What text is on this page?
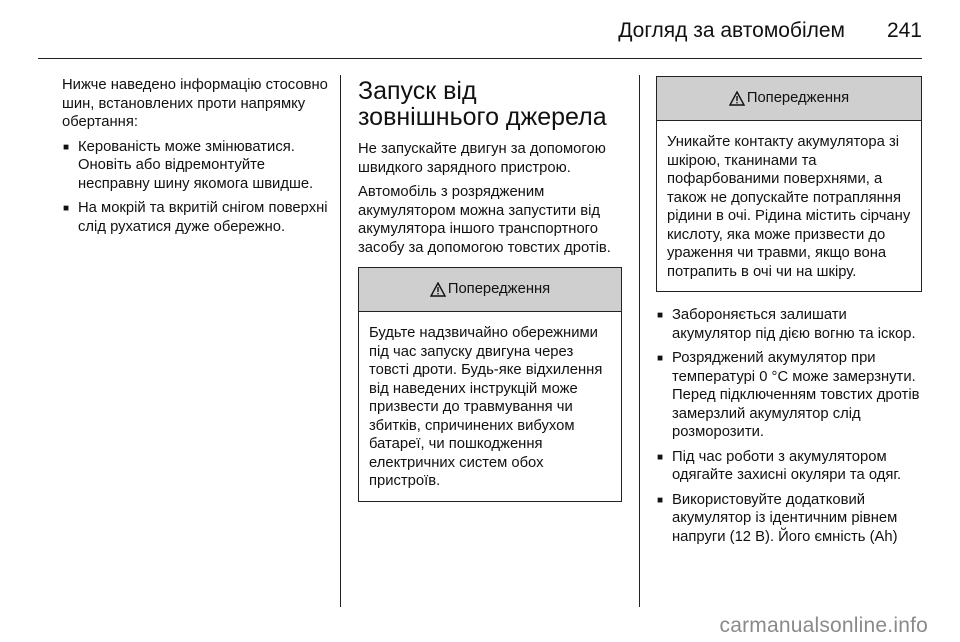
Догляд за автомобілем	241

Нижче наведено інформацію стосовно шин, встановлених проти напрямку обертання:

■ Керованість може змінюватися. Оновіть або відремонтуйте несправну шину якомога швидше.
■ На мокрій та вкритій снігом поверхні слід рухатися дуже обережно.
Запуск від
зовнішнього джерела

Не запускайте двигун за допомогою швидкого зарядного пристрою.

Автомобіль з розрядженим акумулятором можна запустити від акумулятора іншого транспортного засобу за допомогою товстих дротів.

Попередження
Будьте надзвичайно обережними під час запуску двигуна через товсті дроти. Будь-яке відхилення від наведених інструкцій може призвести до травмування чи збитків, спричинених вибухом батареї, чи пошкодження електричних систем обох пристроїв.
Попередження
Уникайте контакту акумулятора зі шкірою, тканинами та пофарбованими поверхнями, а також не допускайте потрапляння рідини в очі. Рідина містить сірчану кислоту, яка може призвести до ураження чи травми, якщо вона потрапить в очі чи на шкіру.
■ Забороняється залишати акумулятор під дією вогню та іскор.
■ Розряджений акумулятор при температурі 0 °C може замерзнути. Перед підключенням товстих дротів замерзлий акумулятор слід розморозити.
■ Під час роботи з акумулятором одягайте захисні окуляри та одяг.
■ Використовуйте додатковий акумулятор із ідентичним рівнем напруги (12 В). Його ємність (Ah)
carmanualsonline.info
